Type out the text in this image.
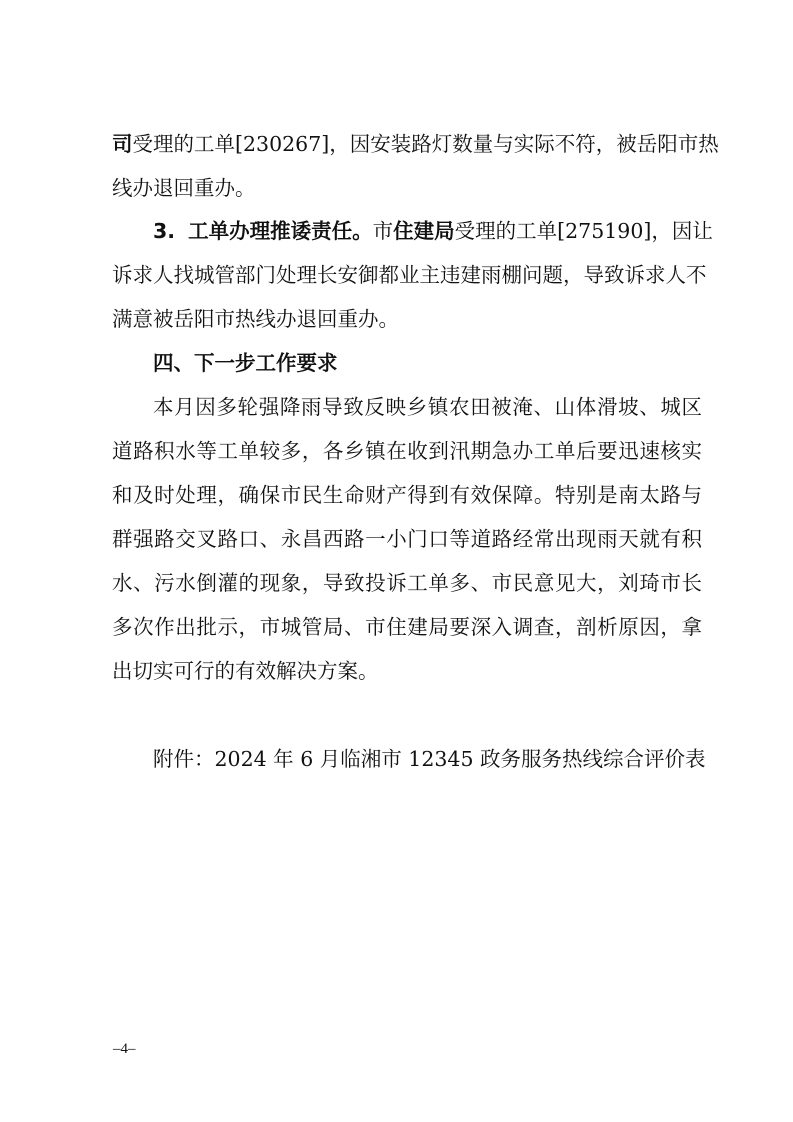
司受理的工单[230267]，因安装路灯数量与实际不符，被岳阳市热
线办退回重办。
3. 工单办理推诿责任。市住建局受理的工单[275190]，因让
诉求人找城管部门处理长安御都业主违建雨棚问题，导致诉求人不
满意被岳阳市热线办退回重办。
四、下一步工作要求
本月因多轮强降雨导致反映乡镇农田被淹、山体滑坡、城区
道路积水等工单较多，各乡镇在收到汛期急办工单后要迅速核实
和及时处理，确保市民生命财产得到有效保障。特别是南太路与
群强路交叉路口、永昌西路一小门口等道路经常出现雨天就有积
水、污水倒灌的现象，导致投诉工单多、市民意见大，刘琦市长
多次作出批示，市城管局、市住建局要深入调查，剖析原因，拿
出切实可行的有效解决方案。
附件：2024 年 6 月临湘市 12345 政务服务热线综合评价表
–4–
